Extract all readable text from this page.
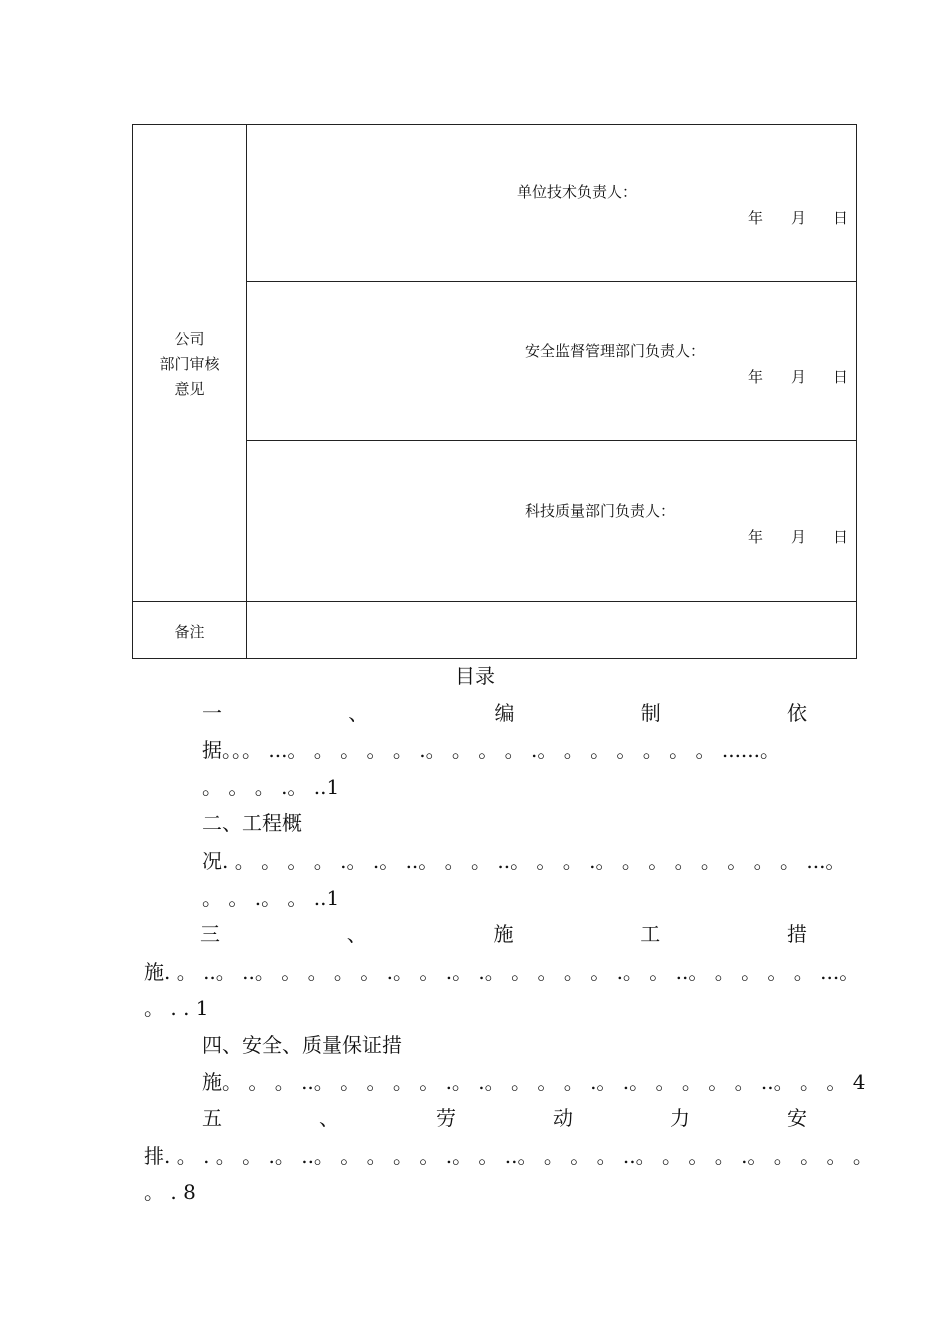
公司
部门审核
意见
单位技术负责人：
年 月 日
安全监督管理部门负责人：
年 月 日
科技质量部门负责人：
年 月 日
备注
目录
一	、	编	制	依
据。。。 ...。 。 。 。 。 .。 。 。 。 .。 。 。 。 。 。 。 ......。
。 。 。 .。 ..1
二、工程概
况. 。 。 。 。 .。 .。 ..。 。 。 ..。 。 。 .。 。 。 。 。 。 。 。 ...。
。 。 .。 。 ..1
三	、	施	工	措
施. 。 ..。 ..。 。 。 。 。 .。 。 .。 .。 。 。 。 。 .。 。 ..。 。 。 。 。 ...。
。 . . 1
四、安全、质量保证措
施。 。 。 ..。 。 。 。 。 .。 .。 。 。 。 .。 .。 。 。 。 。 ..。 。 。 4
五	、	劳	动	力	安
排. 。 . 。 。 .。 ..。 。 。 。 。 .。 。 ..。 。 。 。 ..。 。 。 。 .。 。 。 。 。
。 . 8
